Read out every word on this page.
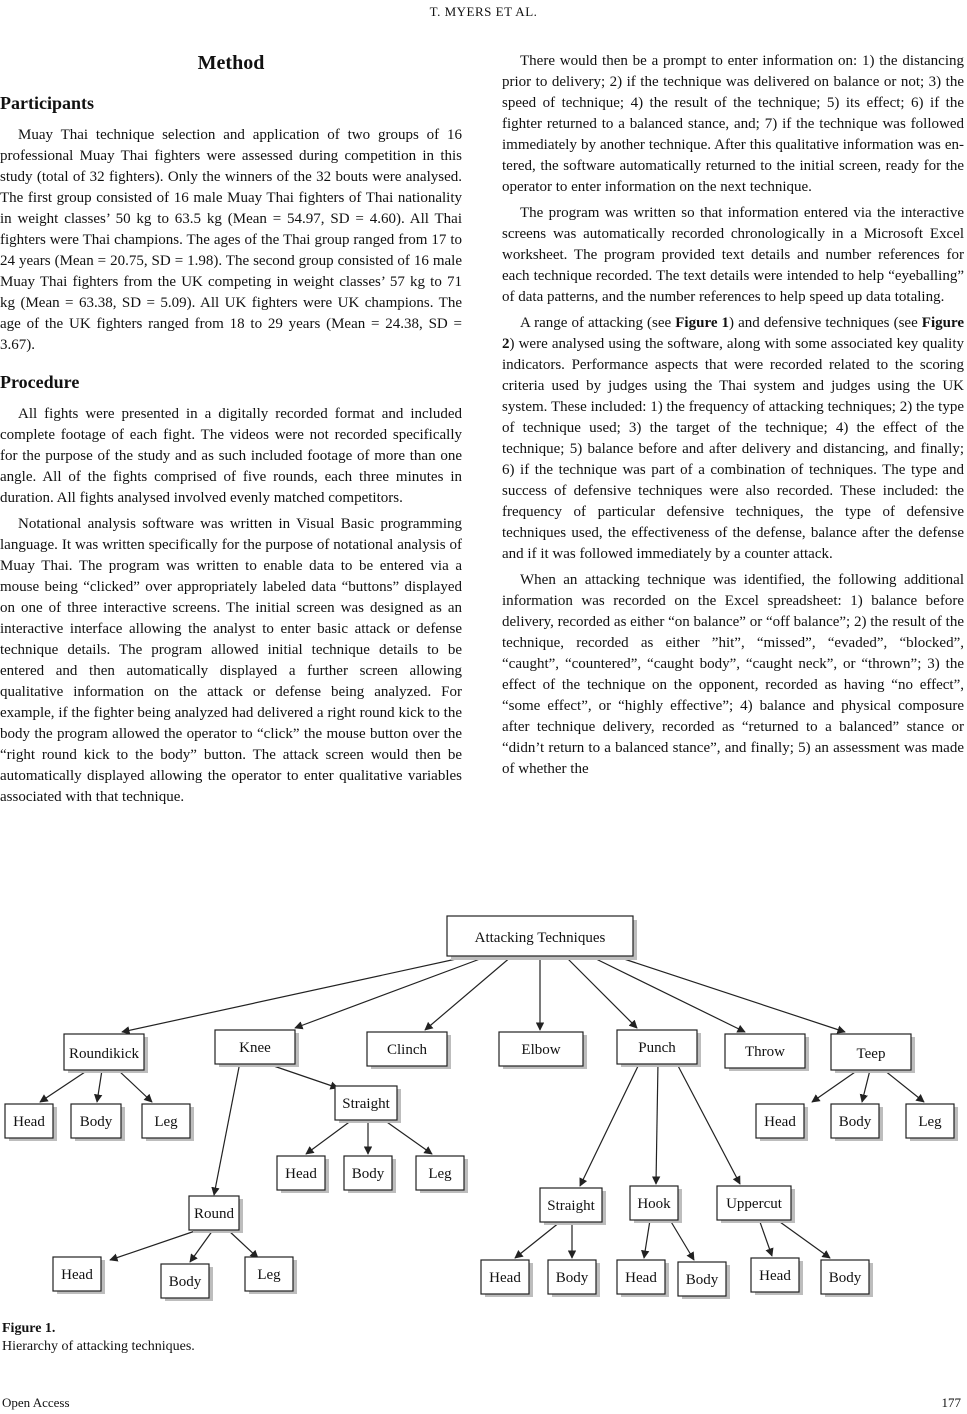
T. MYERS ET AL.
Method
Participants

Muay Thai technique selection and application of two groups of 16 professional Muay Thai fighters were assessed during competition in this study (total of 32 fighters). Only the winners of the 32 bouts were analysed. The first group consisted of 16 male Muay Thai fighters of Thai nationality in weight classes’ 50 kg to 63.5 kg (Mean = 54.97, SD = 4.60). All Thai fighters were Thai champions. The ages of the Thai group ranged from 17 to 24 years (Mean = 20.75, SD = 1.98). The second group consisted of 16 male Muay Thai fighters from the UK competing in weight classes’ 57 kg to 71 kg (Mean = 63.38, SD = 5.09). All UK fighters were UK champions. The age of the UK fighters ranged from 18 to 29 years (Mean = 24.38, SD = 3.67).

Procedure

All fights were presented in a digitally recorded format and included complete footage of each fight. The videos were not recorded specifically for the purpose of the study and as such included footage of more than one angle. All of the fights comprised of five rounds, each three minutes in duration. All fights analysed involved evenly matched competitors.

Notational analysis software was written in Visual Basic programming language. It was written specifically for the purpose of notational analysis of Muay Thai. The program was written to enable data to be entered via a mouse being “clicked” over appropriately labeled data “buttons” displayed on one of three interactive screens. The initial screen was designed as an interactive interface allowing the analyst to enter basic attack or defense technique details. The program allowed initial technique details to be entered and then automatically displayed a further screen allowing qualitative information on the attack or defense being analyzed. For example, if the fighter being analyzed had delivered a right round kick to the body the program allowed the operator to “click” the mouse button over the “right round kick to the body” button. The attack screen would then be automatically displayed allowing the operator to enter qualitative variables associated with that technique.

There would then be a prompt to enter information on: 1) the distancing prior to delivery; 2) if the technique was delivered on balance or not; 3) the speed of technique; 4) the result of the technique; 5) its effect; 6) if the fighter returned to a balanced stance, and; 7) if the technique was followed immediately by another technique. After this qualitative information was entered, the software automatically returned to the initial screen, ready for the operator to enter information on the next technique.

The program was written so that information entered via the interactive screens was automatically recorded chronologically in a Microsoft Excel worksheet. The program provided text details and number references for each technique recorded. The text details were intended to help “eyeballing” of data patterns, and the number references to help speed up data totaling.

A range of attacking (see Figure 1) and defensive techniques (see Figure 2) were analysed using the software, along with some associated key quality indicators. Performance aspects that were recorded related to the scoring criteria used by judges using the Thai system and judges using the UK system. These included: 1) the frequency of attacking techniques; 2) the type of technique used; 3) the target of the technique; 4) the effect of the technique; 5) balance before and after delivery and distancing, and finally; 6) if the technique was part of a combination of techniques. The type and success of defensive techniques were also recorded. These included: the frequency of particular defensive techniques, the type of defensive techniques used, the effectiveness of the defense, balance after the defense and if it was followed immediately by a counter attack.

When an attacking technique was identified, the following additional information was recorded on the Excel spreadsheet: 1) balance before delivery, recorded as either “on balance” or “off balance”; 2) the result of the technique, recorded as either ”hit”, “missed”, “evaded”, “blocked”, “caught”, “countered”, “caught body”, “caught neck”, or “thrown”; 3) the effect of the technique on the opponent, recorded as having “no effect”, “some effect”, or “highly effective”; 4) balance and physical composure after technique delivery, recorded as “returned to a balanced” stance or “didn’t return to a balanced stance”, and finally; 5) an assessment was made of whether the

Attacking Techniques
Roundikick	Knee	Clinch	Elbow	Punch	Throw	Teep
Head Body	Leg
Straight
Head Body	Leg
Round
Head	Body	Leg
Straight	Hook	Uppercut
Head Body Head Body	Head	Body
Head	Body	Leg
Figure 1.
Hierarchy of attacking techniques.
Open Access	177
